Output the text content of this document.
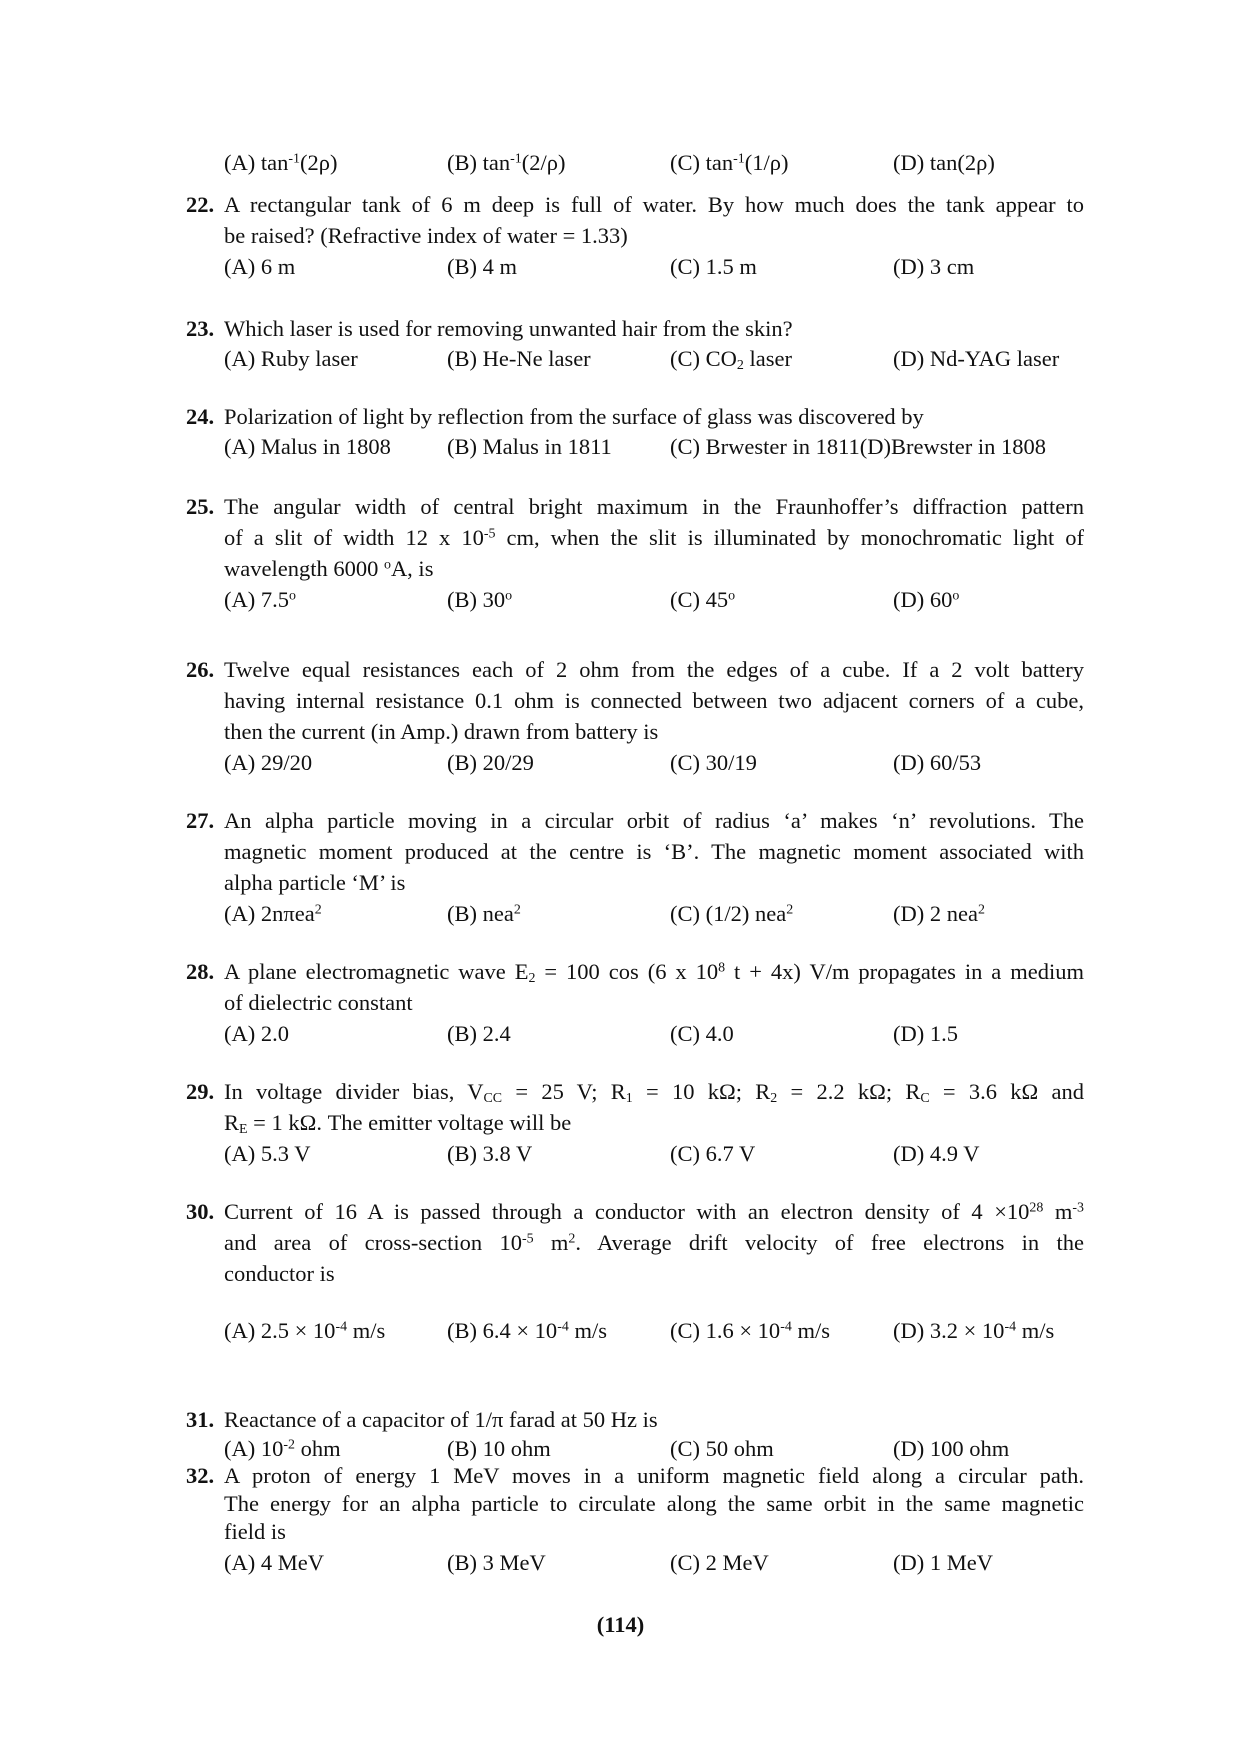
(A) $\tan^{-1}(2\rho)$	(B) $\tan^{-1}(2/\rho)$	(C) $\tan^{-1}(1/\rho)$	(D) tan(2ρ)
22. A rectangular tank of 6 m deep is full of water. By how much does the tank appear to
be raised? (Refractive index of water = 1.33)
(A) 6 m	(B) 4 m	(C) 1.5 m	(D) 3 cm
23. Which laser is used for removing unwanted hair from the skin?
(A) Ruby laser	(B) He-Ne laser	(C) $CO_2$ laser	(D) Nd-YAG laser
24. Polarization of light by reflection from the surface of glass was discovered by
(A) Malus in 1808 (B) Malus in 1811	(C) Brwester in 1811(D)Brewster in 1808
25. The angular width of central bright maximum in the Fraunhoffer’s diffraction pattern
of a slit of width 12 x $10^{-5}$ cm, when the slit is illuminated by monochromatic light of
wavelength 6000 $^o$A, is
(A) 7.5$^o$	(B) 30$^o$	(C) 45$^o$	(D) 60$^o$
26. Twelve equal resistances each of 2 ohm from the edges of a cube. If a 2 volt battery
having internal resistance 0.1 ohm is connected between two adjacent corners of a cube,
then the current (in Amp.) drawn from battery is
(A) 29/20	(B) 20/29	(C) 30/19	(D) 60/53
27. An alpha particle moving in a circular orbit of radius ‘a’ makes ‘n’ revolutions. The
magnetic moment produced at the centre is ‘B’. The magnetic moment associated with
alpha particle ‘M’ is
(A) 2nπea$^2$	(B) nea$^2$	(C) (1/2) nea$^2$	(D) 2 nea$^2$
28. A plane electromagnetic wave $E_2 = 100$ cos (6 x $10^8$ t + 4x) V/m propagates in a medium
of dielectric constant
(A) 2.0	(B) 2.4	(C) 4.0	(D) 1.5
29. In voltage divider bias, $V_{CC} = 25$ V; $R_1 = 10$ kΩ; $R_2 = 2.2$ kΩ; $R_C = 3.6$ kΩ and
$R_E = 1$ kΩ. The emitter voltage will be
(A) 5.3 V	(B) 3.8 V	(C) 6.7 V	(D) 4.9 V
30. Current of 16 A is passed through a conductor with an electron density of $4 \times 10^{28}$ $m^{-3}$
and area of cross-section $10^{-5}$ $m^2$. Average drift velocity of free electrons in the
conductor is
(A) $2.5 \times 10^{-4}$ m/s	(B) $6.4 \times 10^{-4}$ m/s	(C) $1.6 \times 10^{-4}$ m/s	(D) $3.2 \times 10^{-4}$ m/s
31. Reactance of a capacitor of 1/π farad at 50 Hz is
(A) $10^{-2}$ ohm	(B) 10 ohm	(C) 50 ohm	(D) 100 ohm
32. A proton of energy 1 MeV moves in a uniform magnetic field along a circular path.
The energy for an alpha particle to circulate along the same orbit in the same magnetic
field is
(A) 4 MeV	(B) 3 MeV	(C) 2 MeV	(D) 1 MeV
(114)
